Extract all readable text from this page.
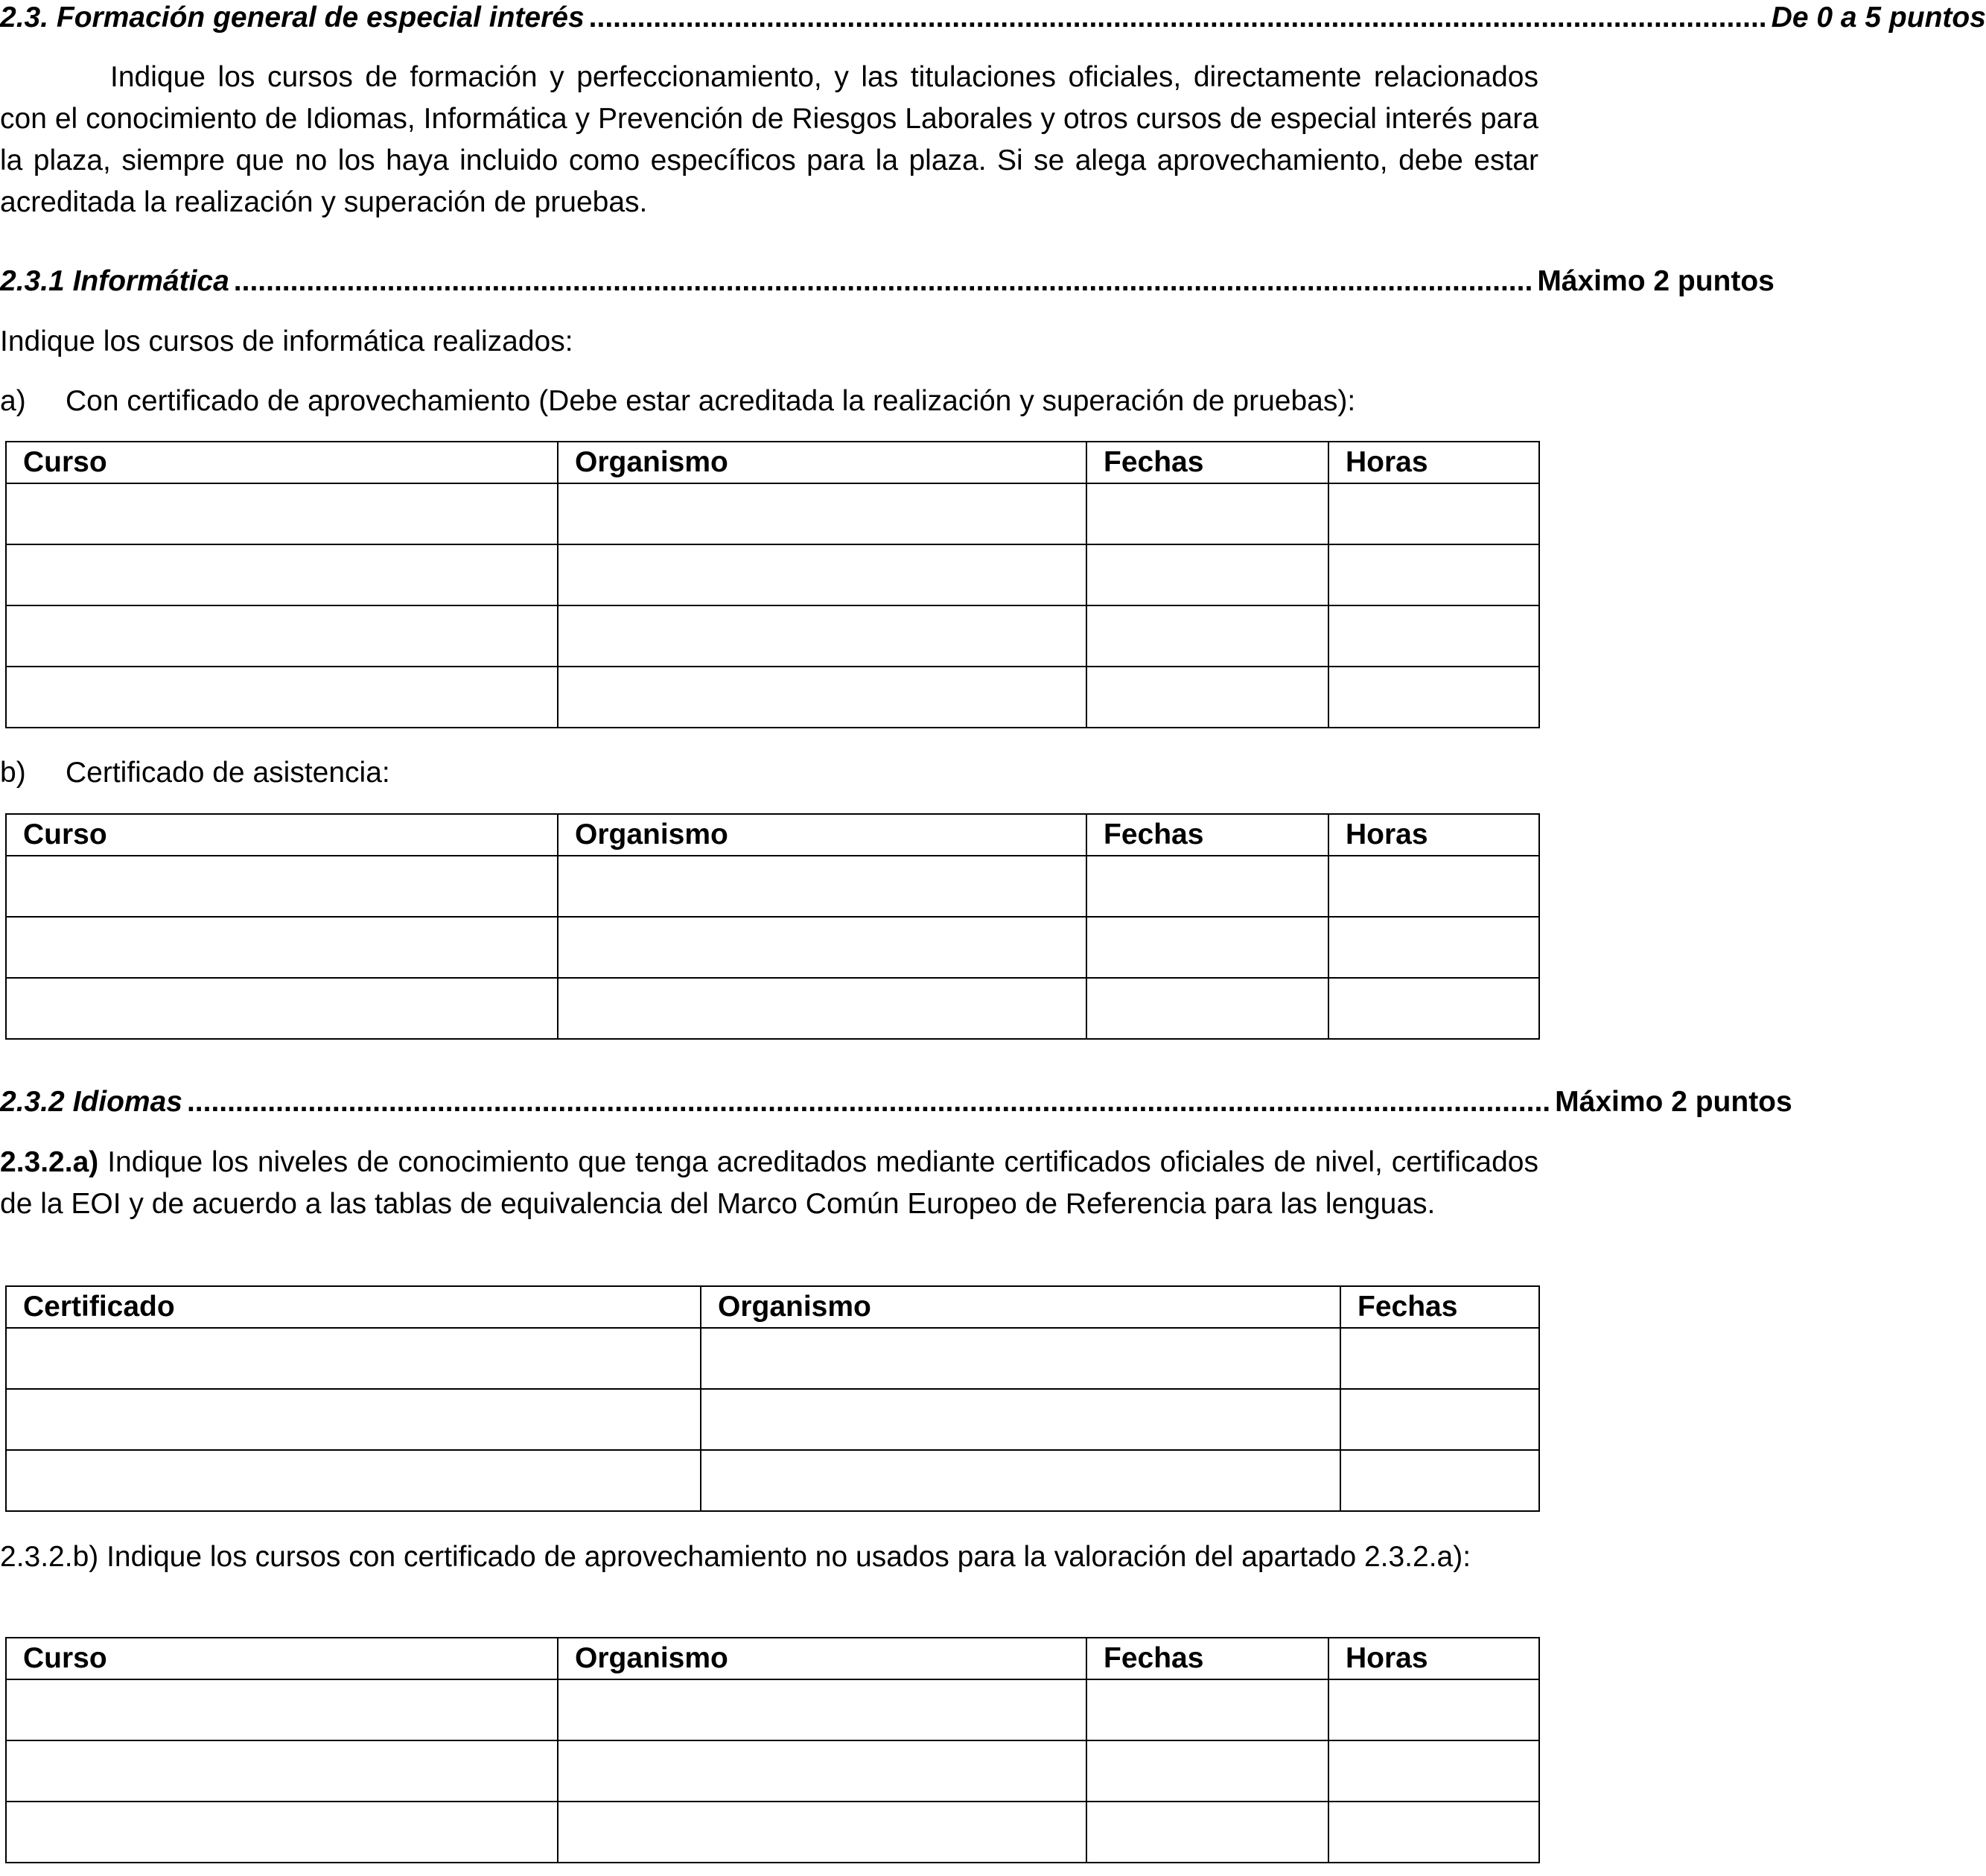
2.3. Formación general de especial interés .................................................................................................................................................. De 0 a 5 puntos
Indique los cursos de formación y perfeccionamiento, y las titulaciones oficiales, directamente relacionados con el conocimiento de Idiomas, Informática y Prevención de Riesgos Laborales y otros cursos de especial interés para la plaza, siempre que no los haya incluido como específicos para la plaza. Si se alega aprovechamiento, debe estar acreditada la realización y superación de pruebas.
2.3.1 Informática ................................................................................................................................................................. Máximo 2 puntos
Indique los cursos de informática realizados:
a) Con certificado de aprovechamiento (Debe estar acreditada la realización y superación de pruebas):
Curso	Organismo	Fechas	Horas

b) Certificado de asistencia:
Curso	Organismo	Fechas	Horas

2.3.2 Idiomas ......................................................................................................................................................................... Máximo 2 puntos
2.3.2.a) Indique los niveles de conocimiento que tenga acreditados mediante certificados oficiales de nivel, certificados de la EOI y de acuerdo a las tablas de equivalencia del Marco Común Europeo de Referencia para las lenguas.
Certificado	Organismo	Fechas

2.3.2.b) Indique los cursos con certificado de aprovechamiento no usados para la valoración del apartado 2.3.2.a):
Curso	Organismo	Fechas	Horas
